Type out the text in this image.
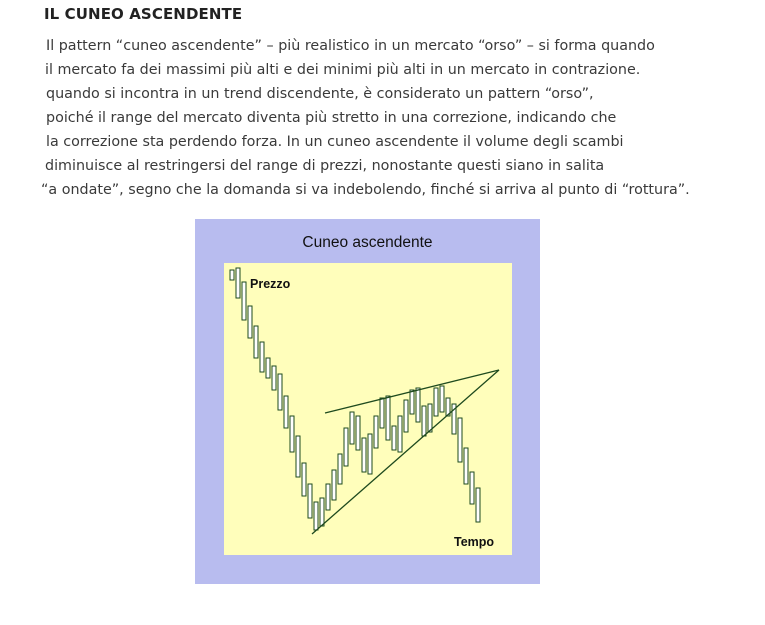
IL CUNEO ASCENDENTE
Il pattern “cuneo ascendente” – più realistico in un mercato “orso” – si forma quando
il mercato fa dei massimi più alti e dei minimi più alti in un mercato in contrazione.
quando si incontra in un trend discendente, è considerato un pattern “orso”,
poiché il range del mercato diventa più stretto in una correzione, indicando che
la correzione sta perdendo forza. In un cuneo ascendente il volume degli scambi
diminuisce al restringersi del range di prezzi, nonostante questi siano in salita
“a ondate”, segno che la domanda si va indebolendo, finché si arriva al punto di “rottura”.
Cuneo ascendente
Prezzo
Tempo
